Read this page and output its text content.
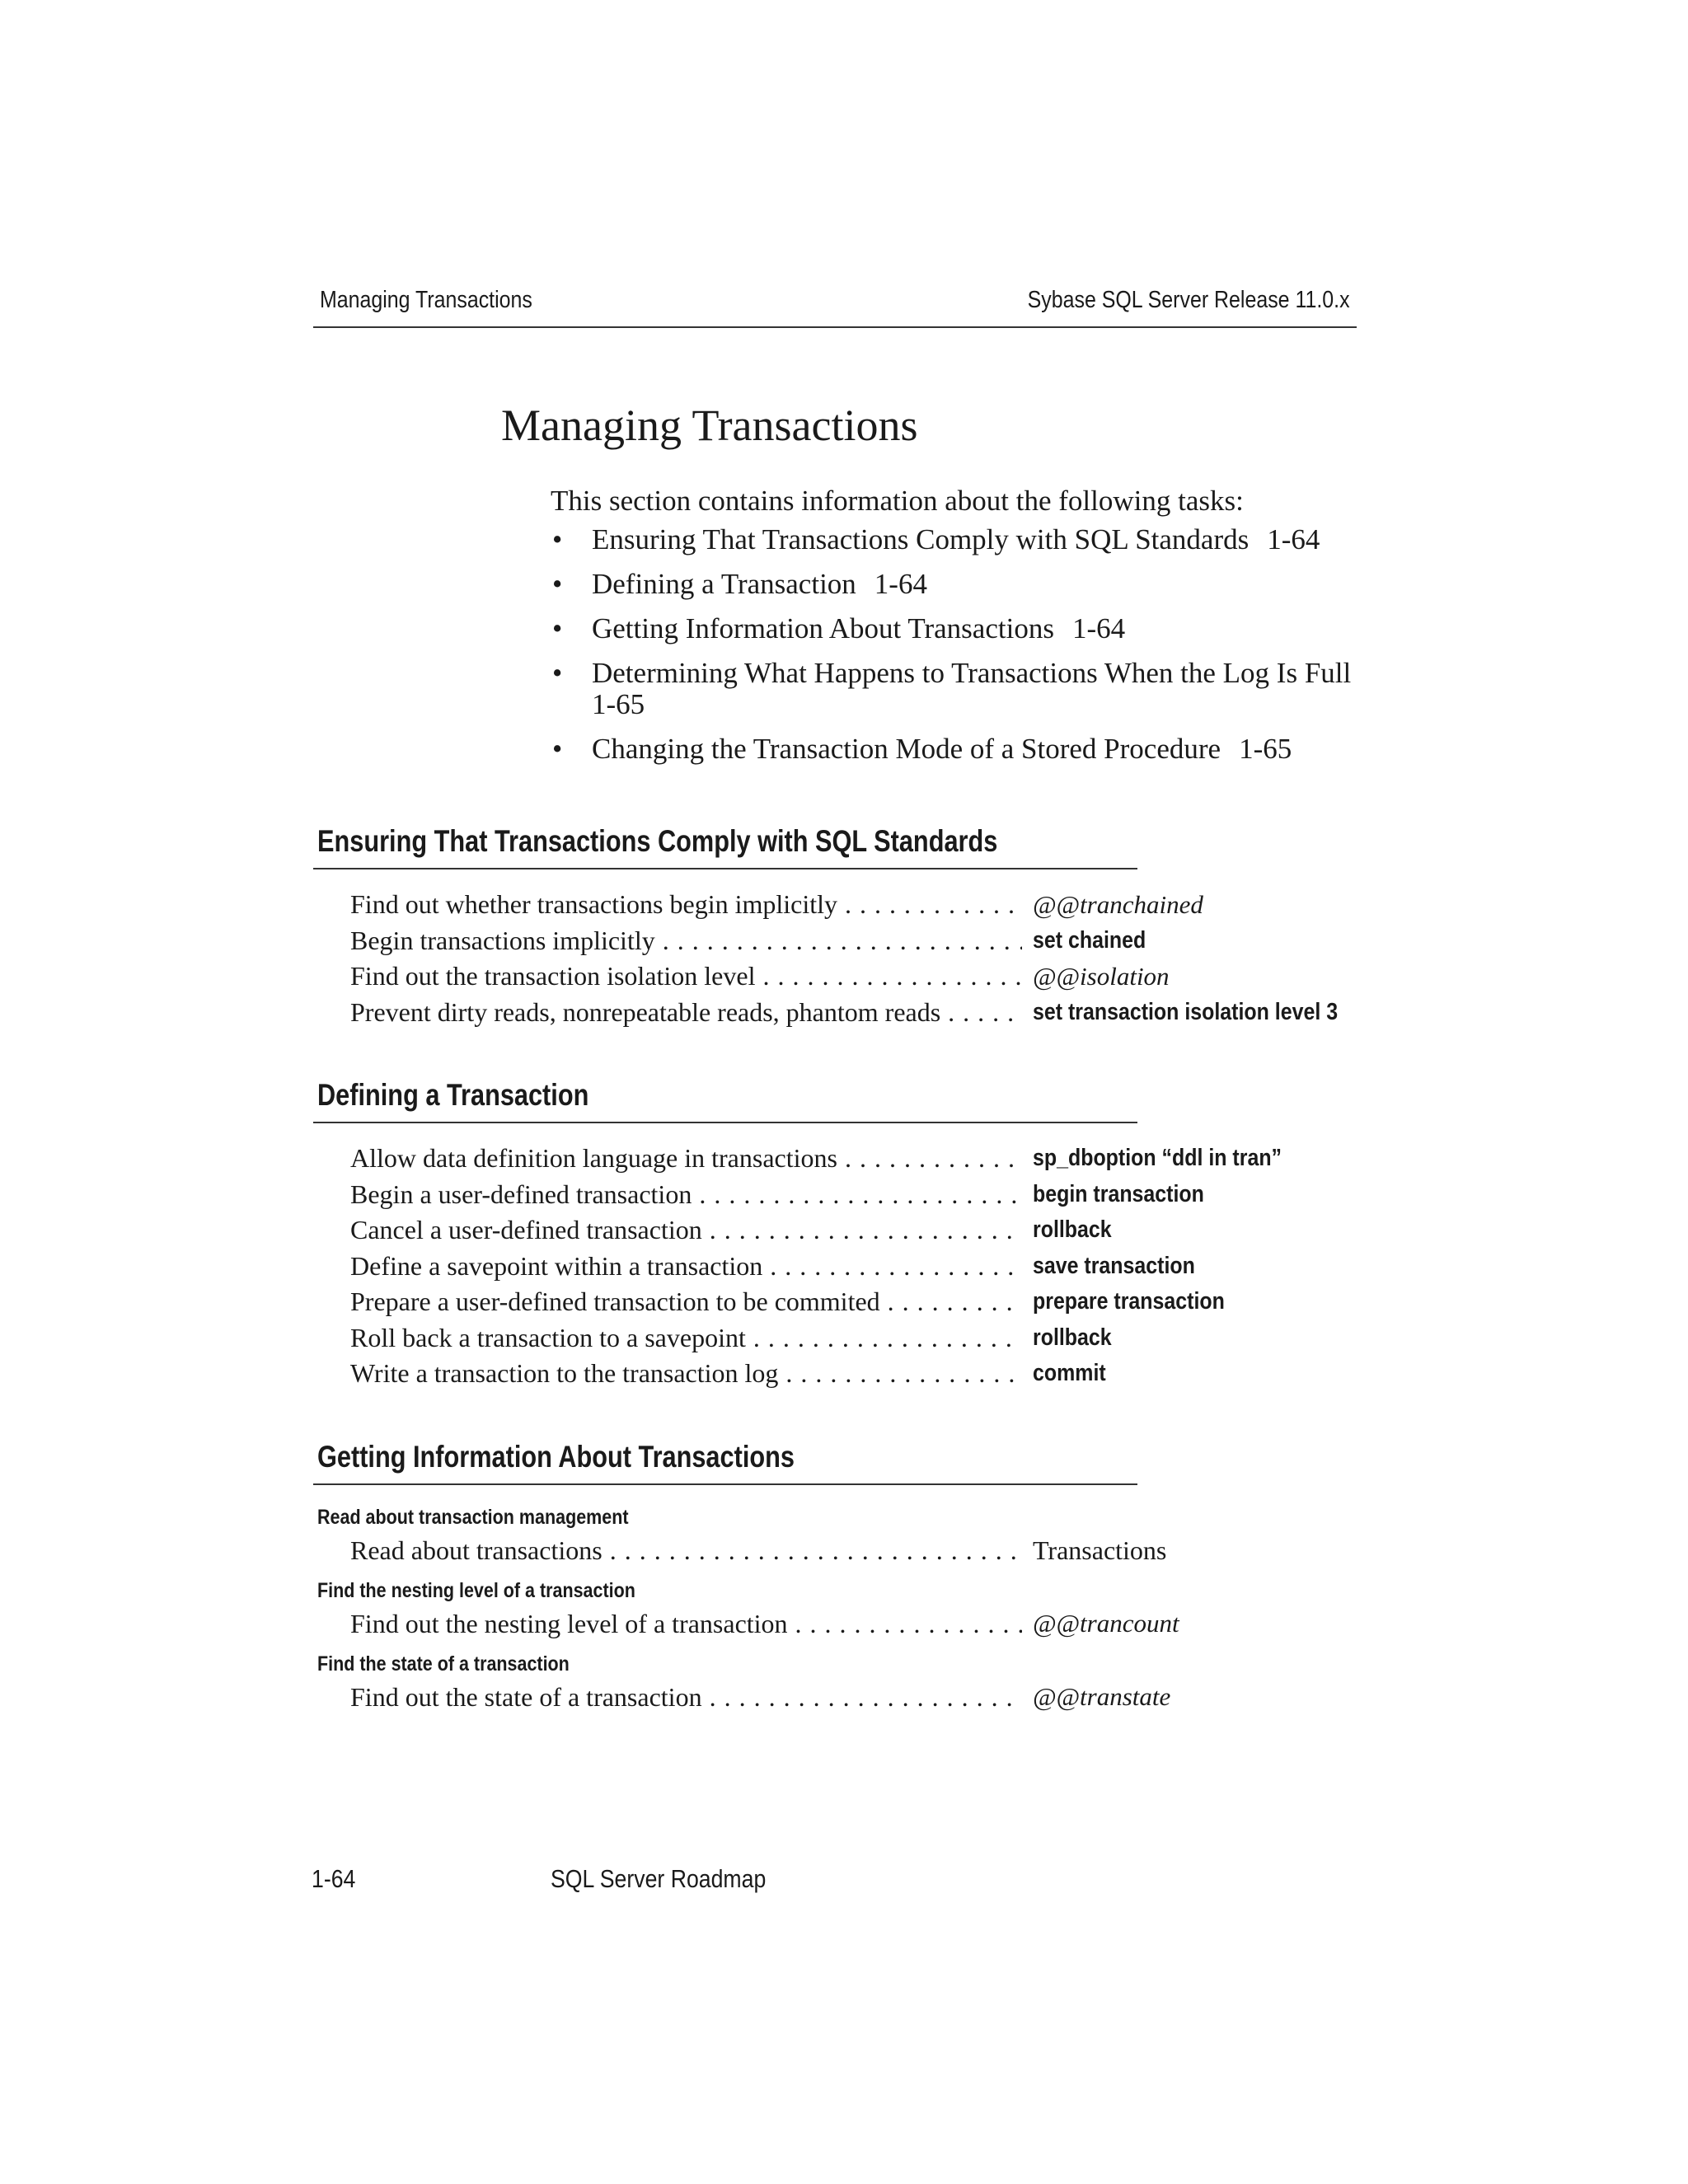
Managing Transactions	Sybase SQL Server Release 11.0.x
Managing Transactions

This section contains information about the following tasks:

• Ensuring That Transactions Comply with SQL Standards 1-64
• Defining a Transaction 1-64
• Getting Information About Transactions 1-64
• Determining What Happens to Transactions When the Log Is Full
1-65
• Changing the Transaction Mode of a Stored Procedure 1-65
Ensuring That Transactions Comply with SQL Standards
Find out whether transactions begin implicitly . . .	@@tranchained
Begin transactions implicitly . . .	set chained
Find out the transaction isolation level . . .	@@isolation
Prevent dirty reads, nonrepeatable reads, phantom reads . . .	set transaction isolation level 3
Defining a Transaction
Allow data definition language in transactions . . .	sp_dboption “ddl in tran”
Begin a user-defined transaction . . .	begin transaction
Cancel a user-defined transaction . . .	rollback
Define a savepoint within a transaction . . .	save transaction
Prepare a user-defined transaction to be commited . . .	prepare transaction
Roll back a transaction to a savepoint . . .	rollback
Write a transaction to the transaction log . . .	commit
Getting Information About Transactions
Read about transaction management
Read about transactions . . .	Transactions
Find the nesting level of a transaction
Find out the nesting level of a transaction . . .	@@trancount
Find the state of a transaction
Find out the state of a transaction . . .	@@transtate
1-64	SQL Server Roadmap
